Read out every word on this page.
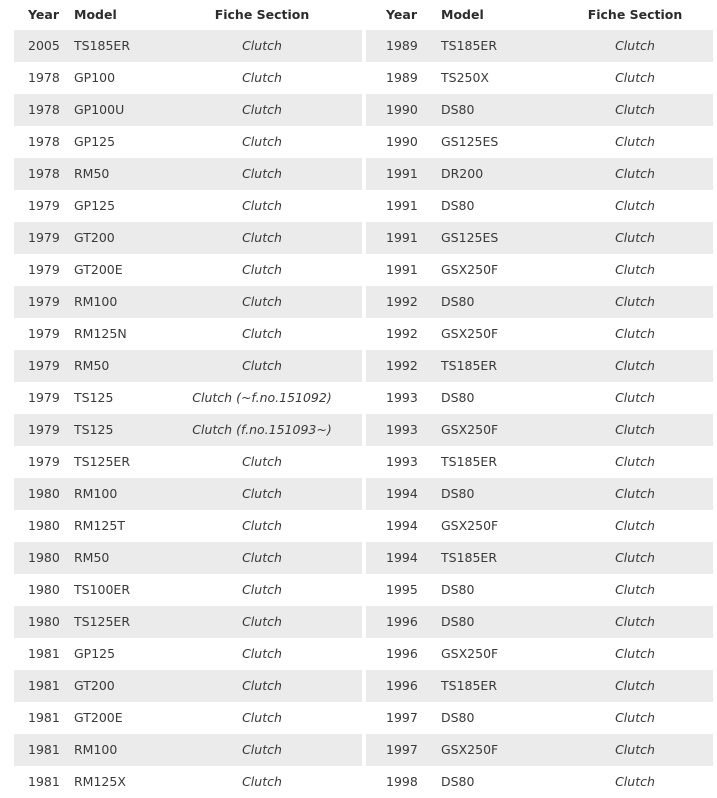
Year Model	Fiche Section
2005 TS185ER	Clutch
1978 GP100	Clutch
1978 GP100U	Clutch
1978 GP125	Clutch
1978 RM50	Clutch
1979 GP125	Clutch
1979 GT200	Clutch
1979 GT200E	Clutch
1979 RM100	Clutch
1979 RM125N	Clutch
1979 RM50	Clutch
1979 TS125	Clutch (~f.no.151092)
1979 TS125	Clutch (f.no.151093~)
1979 TS125ER	Clutch
1980 RM100	Clutch
1980 RM125T	Clutch
1980 RM50	Clutch
1980 TS100ER	Clutch
1980 TS125ER	Clutch
1981 GP125	Clutch
1981 GT200	Clutch
1981 GT200E	Clutch
1981 RM100	Clutch
1981 RM125X	Clutch
Year Model	Fiche Section
1989 TS185ER	Clutch
1989 TS250X	Clutch
1990 DS80	Clutch
1990 GS125ES	Clutch
1991 DR200	Clutch
1991 DS80	Clutch
1991 GS125ES	Clutch
1991 GSX250F	Clutch
1992 DS80	Clutch
1992 GSX250F	Clutch
1992 TS185ER	Clutch
1993 DS80	Clutch
1993 GSX250F	Clutch
1993 TS185ER	Clutch
1994 DS80	Clutch
1994 GSX250F	Clutch
1994 TS185ER	Clutch
1995 DS80	Clutch
1996 DS80	Clutch
1996 GSX250F	Clutch
1996 TS185ER	Clutch
1997 DS80	Clutch
1997 GSX250F	Clutch
1998 DS80	Clutch
